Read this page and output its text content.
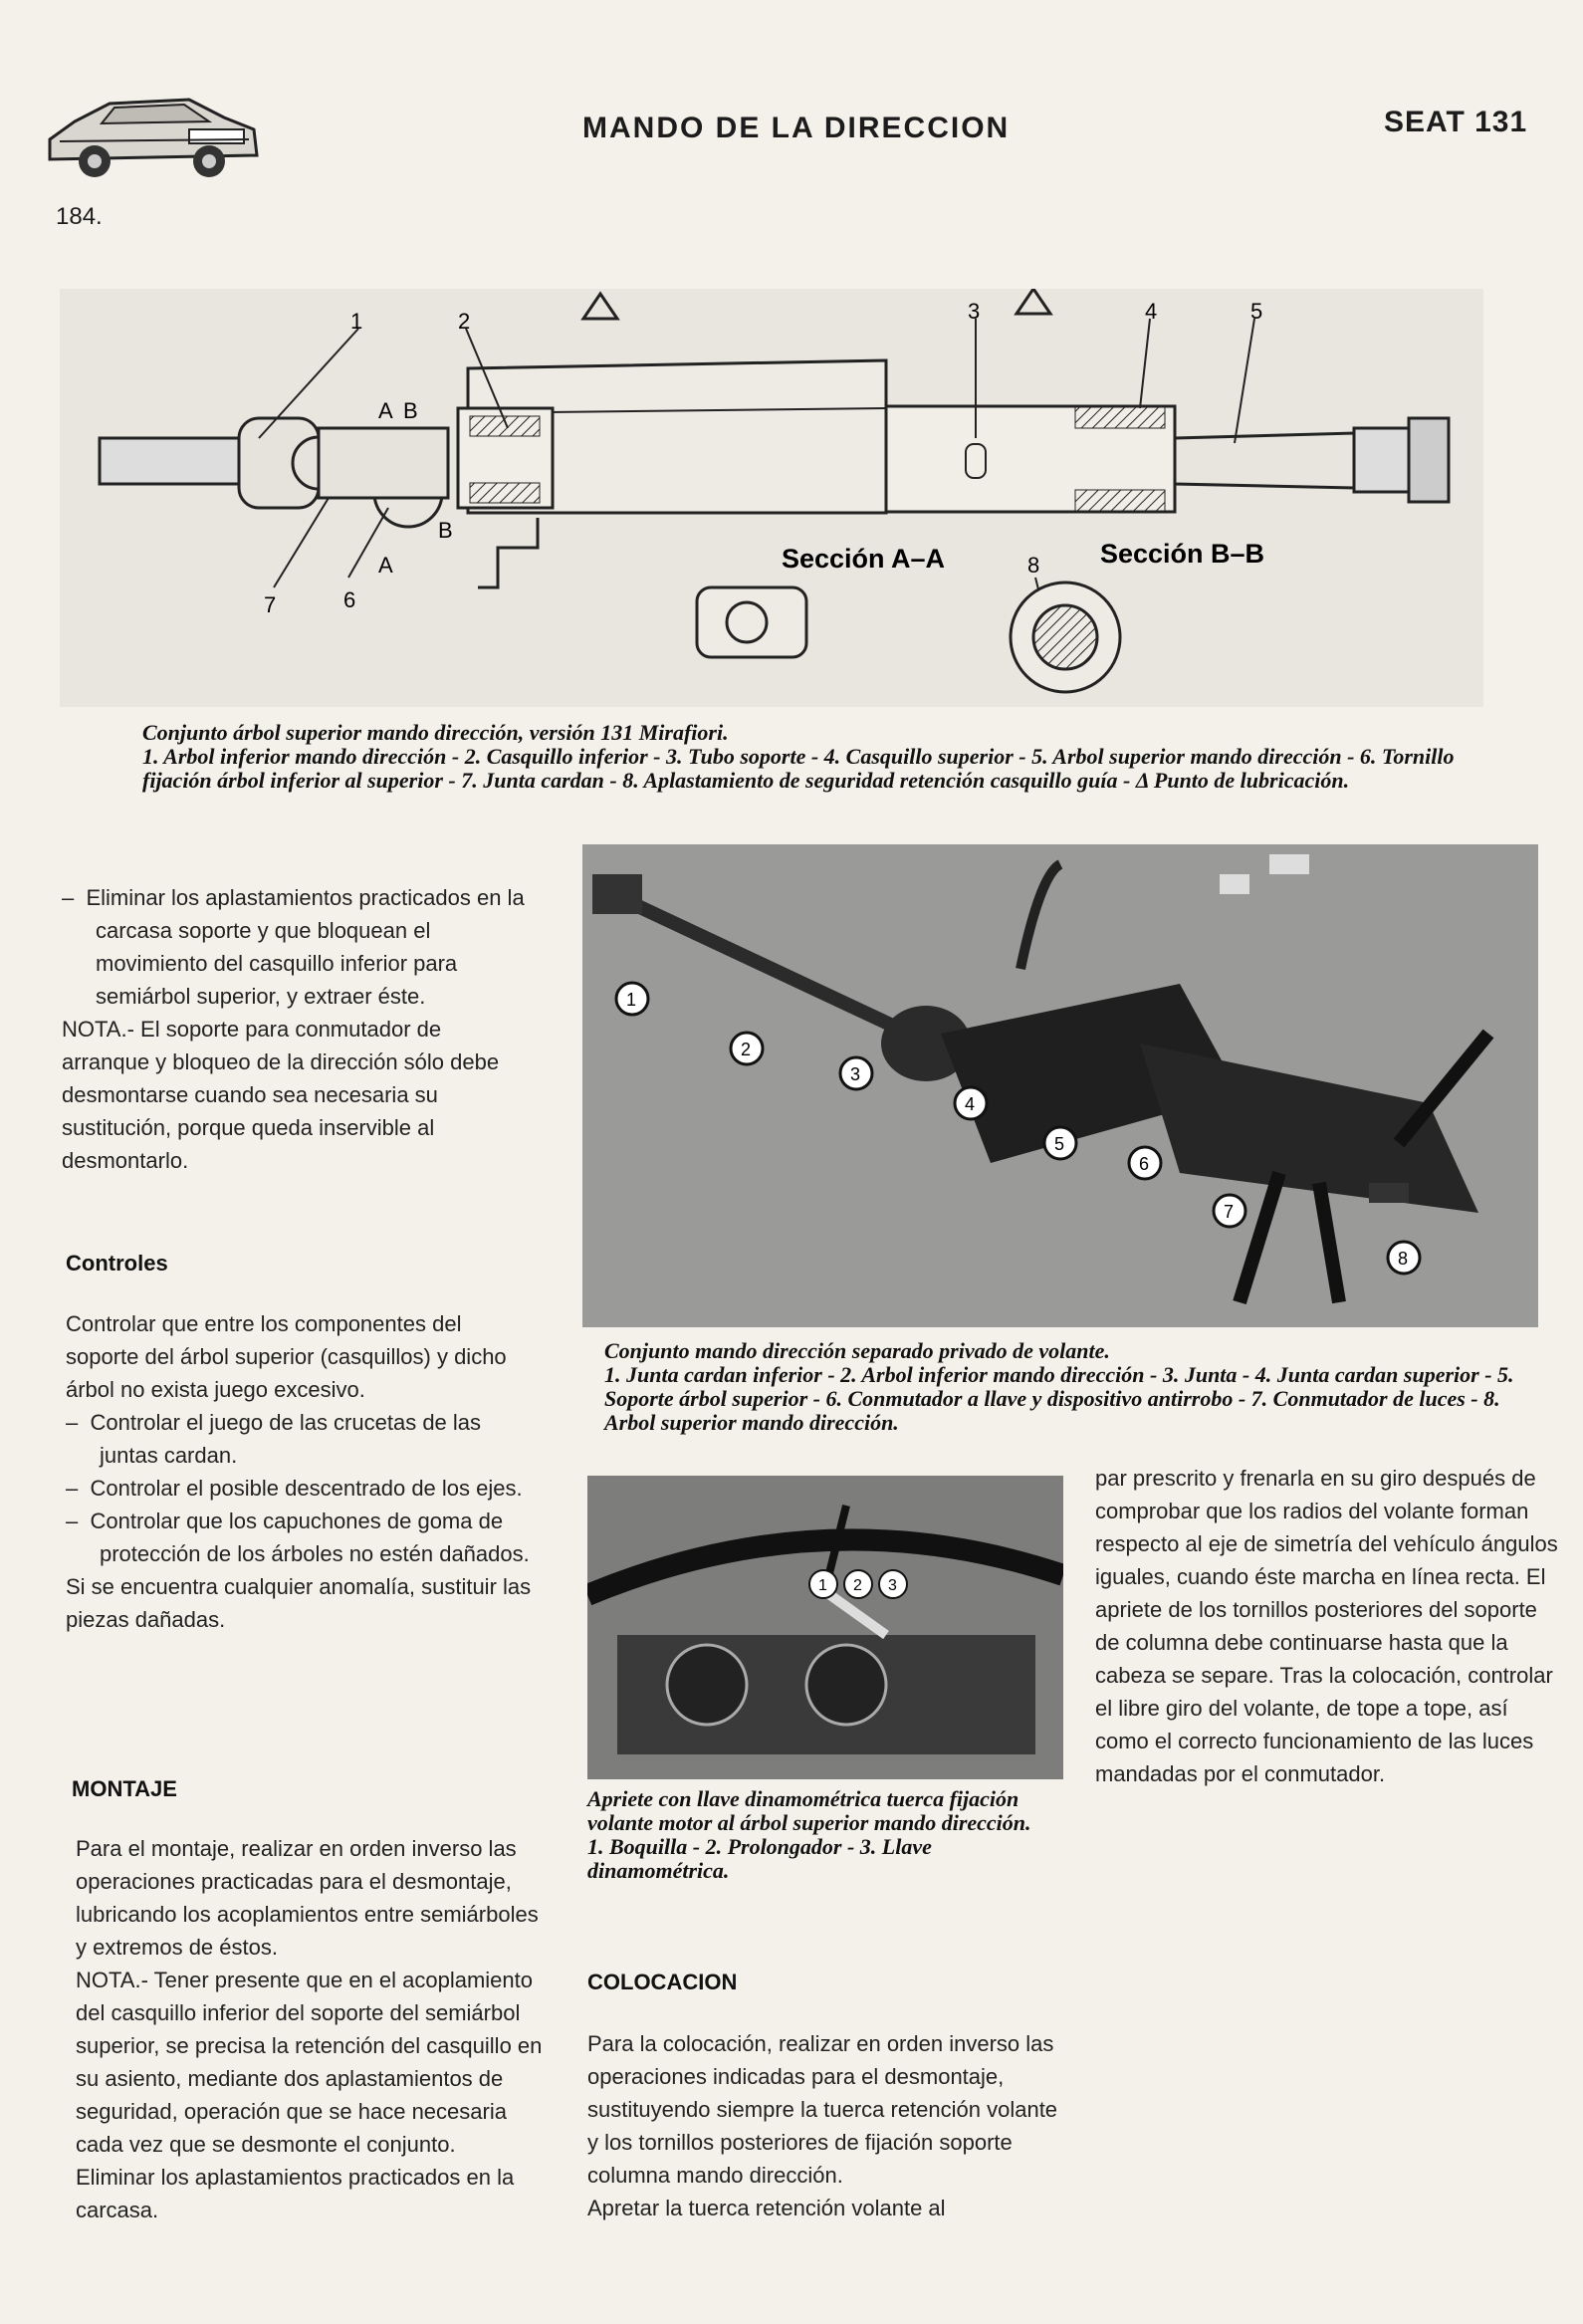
MANDO DE LA DIRECCION	SEAT 131
184.
1	2	3	4	5
6
7
8
A B
A
B
Sección A–A	Sección B–B
Conjunto árbol superior mando dirección, versión 131 Mirafiori.
1. Arbol inferior mando dirección - 2. Casquillo inferior - 3. Tubo soporte - 4. Casquillo superior - 5. Arbol superior mando dirección - 6. Tornillo fijación árbol inferior al superior - 7. Junta cardan - 8. Aplastamiento de seguridad retención casquillo guía - Δ Punto de lubricación.

–  Eliminar los aplastamientos practicados en la carcasa soporte y que bloquean el movimiento del casquillo inferior para semiárbol superior, y extraer éste.

NOTA.- El soporte para conmutador de arranque y bloqueo de la dirección sólo debe desmontarse cuando sea necesaria su sustitución, porque queda inservible al desmontarlo.

Controles

Controlar que entre los componentes del soporte del árbol superior (casquillos) y dicho árbol no exista juego excesivo.

–  Controlar el juego de las crucetas de las juntas cardan.

–  Controlar el posible descentrado de los ejes.

–  Controlar que los capuchones de goma de protección de los árboles no estén dañados.

Si se encuentra cualquier anomalía, sustituir las piezas dañadas.

MONTAJE

Para el montaje, realizar en orden inverso las operaciones practicadas para el desmontaje, lubricando los acoplamientos entre semiárboles y extremos de éstos.

NOTA.- Tener presente que en el acoplamiento del casquillo inferior del soporte del semiárbol superior, se precisa la retención del casquillo en su asiento, mediante dos aplastamientos de seguridad, operación que se hace necesaria cada vez que se desmonte el conjunto.

Eliminar los aplastamientos practicados en la carcasa.

1
2
3
4
5
6
7
8
Conjunto mando dirección separado privado de volante.
1. Junta cardan inferior - 2. Arbol inferior mando dirección - 3. Junta - 4. Junta cardan superior - 5. Soporte árbol superior - 6. Conmutador a llave y dispositivo antirrobo - 7. Conmutador de luces - 8. Arbol superior mando dirección.
1 2 3
Apriete con llave dinamométrica tuerca fijación volante motor al árbol superior mando dirección.
1. Boquilla - 2. Prolongador - 3. Llave dinamométrica.
COLOCACION

Para la colocación, realizar en orden inverso las operaciones indicadas para el desmontaje, sustituyendo siempre la tuerca retención volante y los tornillos posteriores de fijación soporte columna mando dirección.

Apretar la tuerca retención volante al

par prescrito y frenarla en su giro después de comprobar que los radios del volante forman respecto al eje de simetría del vehículo ángulos iguales, cuando éste marcha en línea recta. El apriete de los tornillos posteriores del soporte de columna debe continuarse hasta que la cabeza se separe. Tras la colocación, controlar el libre giro del volante, de tope a tope, así como el correcto funcionamiento de las luces mandadas por el conmutador.
